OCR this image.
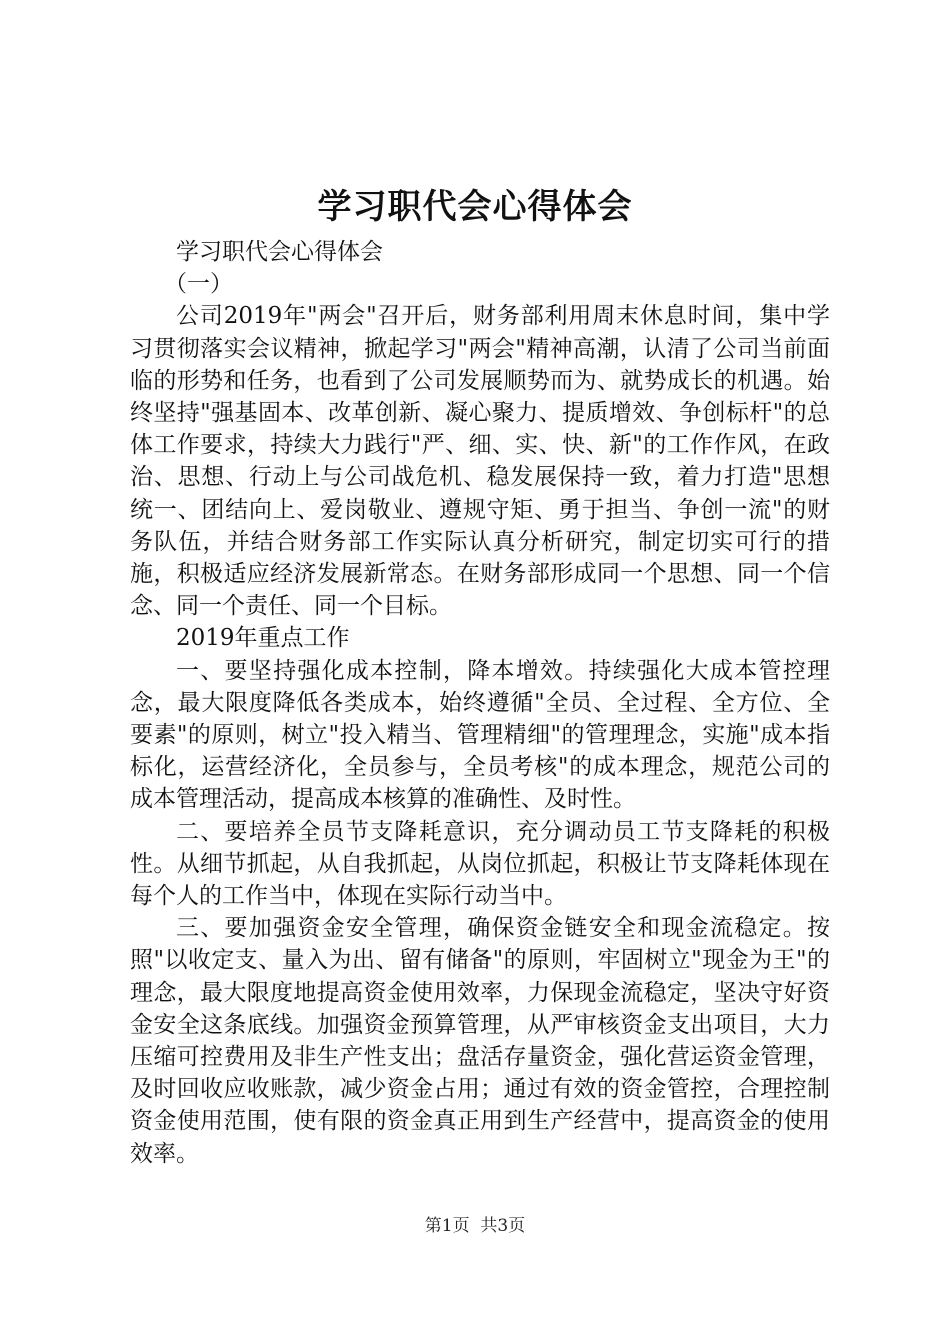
学习职代会心得体会

学习职代会心得体会

（一）

公司2019年"两会"召开后，财务部利用周末休息时间，集中学习贯彻落实会议精神，掀起学习"两会"精神高潮，认清了公司当前面临的形势和任务，也看到了公司发展顺势而为、就势成长的机遇。始终坚持"强基固本、改革创新、凝心聚力、提质增效、争创标杆"的总体工作要求，持续大力践行"严、细、实、快、新"的工作作风，在政治、思想、行动上与公司战危机、稳发展保持一致，着力打造"思想统一、团结向上、爱岗敬业、遵规守矩、勇于担当、争创一流"的财务队伍，并结合财务部工作实际认真分析研究，制定切实可行的措施，积极适应经济发展新常态。在财务部形成同一个思想、同一个信念、同一个责任、同一个目标。

2019年重点工作

一、要坚持强化成本控制，降本增效。持续强化大成本管控理念，最大限度降低各类成本，始终遵循"全员、全过程、全方位、全要素"的原则，树立"投入精当、管理精细"的管理理念，实施"成本指标化，运营经济化，全员参与，全员考核"的成本理念，规范公司的成本管理活动，提高成本核算的准确性、及时性。

二、要培养全员节支降耗意识，充分调动员工节支降耗的积极性。从细节抓起，从自我抓起，从岗位抓起，积极让节支降耗体现在每个人的工作当中，体现在实际行动当中。

三、要加强资金安全管理，确保资金链安全和现金流稳定。按照"以收定支、量入为出、留有储备"的原则，牢固树立"现金为王"的理念，最大限度地提高资金使用效率，力保现金流稳定，坚决守好资金安全这条底线。加强资金预算管理，从严审核资金支出项目，大力压缩可控费用及非生产性支出；盘活存量资金，强化营运资金管理，及时回收应收账款，减少资金占用；通过有效的资金管控，合理控制资金使用范围，使有限的资金真正用到生产经营中，提高资金的使用效率。

第1页 共3页
